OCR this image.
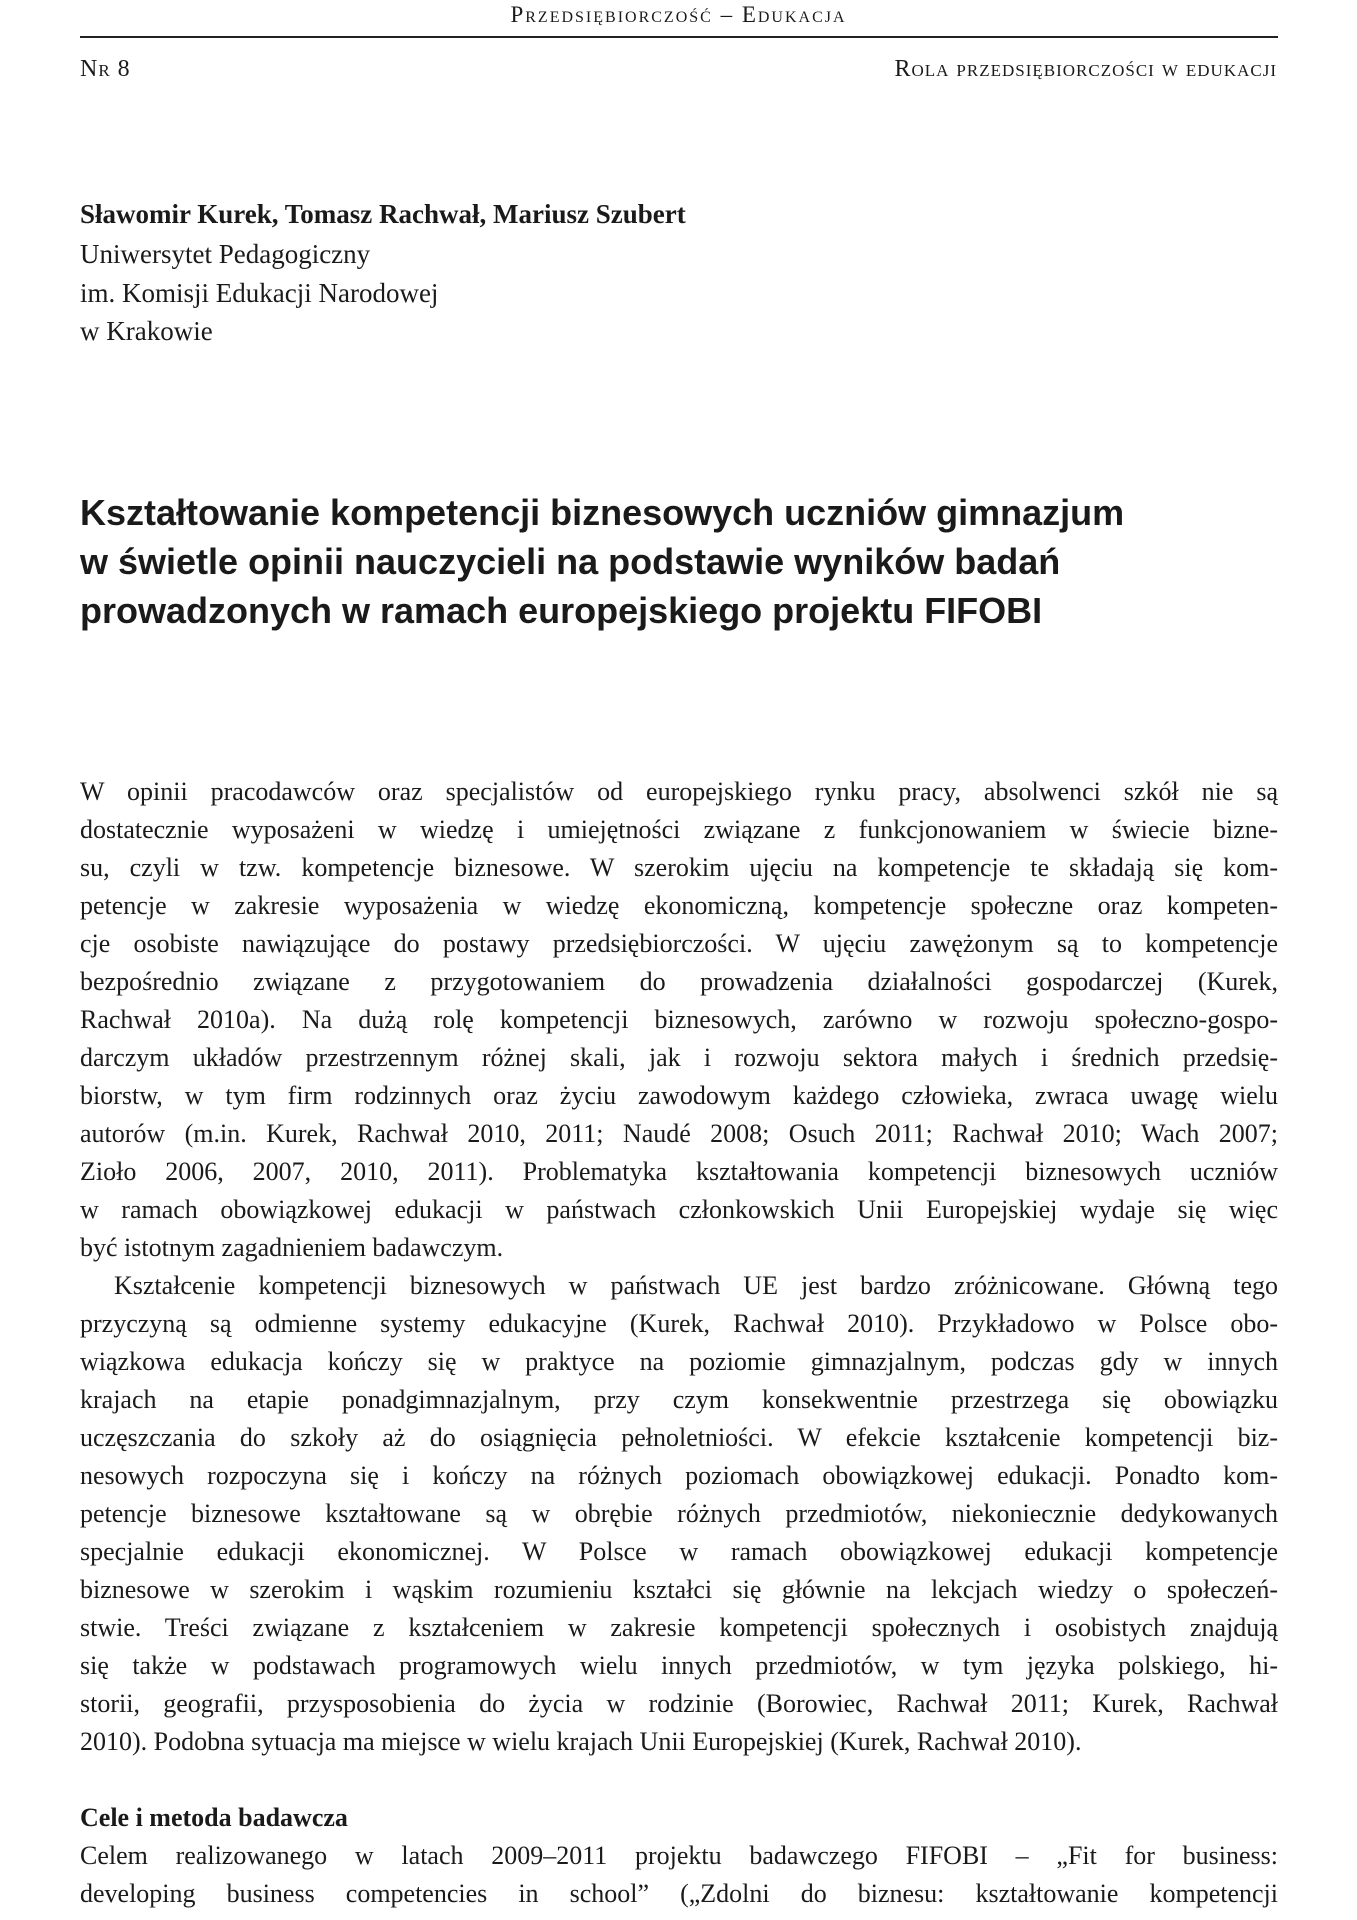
Przedsiębiorczość – Edukacja
Nr 8	Rola przedsiębiorczości w edukacji
Sławomir Kurek, Tomasz Rachwał, Mariusz Szubert
Uniwersytet Pedagogiczny
im. Komisji Edukacji Narodowej
w Krakowie
Kształtowanie kompetencji biznesowych uczniów gimnazjum
w świetle opinii nauczycieli na podstawie wyników badań
prowadzonych w ramach europejskiego projektu FIFOBI
W opinii pracodawców oraz specjalistów od europejskiego rynku pracy, absolwenci szkół nie są
dostatecznie wyposażeni w wiedzę i umiejętności związane z funkcjonowaniem w świecie bizne-
su, czyli w tzw. kompetencje biznesowe. W szerokim ujęciu na kompetencje te składają się kom-
petencje w zakresie wyposażenia w wiedzę ekonomiczną, kompetencje społeczne oraz kompeten-
cje osobiste nawiązujące do postawy przedsiębiorczości. W ujęciu zawężonym są to kompetencje
bezpośrednio związane z przygotowaniem do prowadzenia działalności gospodarczej (Kurek,
Rachwał 2010a). Na dużą rolę kompetencji biznesowych, zarówno w rozwoju społeczno-gospo-
darczym układów przestrzennym różnej skali, jak i rozwoju sektora małych i średnich przedsię-
biorstw, w tym firm rodzinnych oraz życiu zawodowym każdego człowieka, zwraca uwagę wielu
autorów (m.in. Kurek, Rachwał 2010, 2011; Naudé 2008; Osuch 2011; Rachwał 2010; Wach 2007;
Zioło 2006, 2007, 2010, 2011). Problematyka kształtowania kompetencji biznesowych uczniów
w ramach obowiązkowej edukacji w państwach członkowskich Unii Europejskiej wydaje się więc
być istotnym zagadnieniem badawczym.
Kształcenie kompetencji biznesowych w państwach UE jest bardzo zróżnicowane. Główną tego
przyczyną są odmienne systemy edukacyjne (Kurek, Rachwał 2010). Przykładowo w Polsce obo-
wiązkowa edukacja kończy się w praktyce na poziomie gimnazjalnym, podczas gdy w innych
krajach na etapie ponadgimnazjalnym, przy czym konsekwentnie przestrzega się obowiązku
uczęszczania do szkoły aż do osiągnięcia pełnoletniości. W efekcie kształcenie kompetencji biz-
nesowych rozpoczyna się i kończy na różnych poziomach obowiązkowej edukacji. Ponadto kom-
petencje biznesowe kształtowane są w obrębie różnych przedmiotów, niekoniecznie dedykowanych
specjalnie edukacji ekonomicznej. W Polsce w ramach obowiązkowej edukacji kompetencje
biznesowe w szerokim i wąskim rozumieniu kształci się głównie na lekcjach wiedzy o społeczeń-
stwie. Treści związane z kształceniem w zakresie kompetencji społecznych i osobistych znajdują
się także w podstawach programowych wielu innych przedmiotów, w tym języka polskiego, hi-
storii, geografii, przysposobienia do życia w rodzinie (Borowiec, Rachwał 2011; Kurek, Rachwał
2010). Podobna sytuacja ma miejsce w wielu krajach Unii Europejskiej (Kurek, Rachwał 2010).
Cele i metoda badawcza
Celem realizowanego w latach 2009–2011 projektu badawczego FIFOBI – „Fit for business:
developing business competencies in school” („Zdolni do biznesu: kształtowanie kompetencji
